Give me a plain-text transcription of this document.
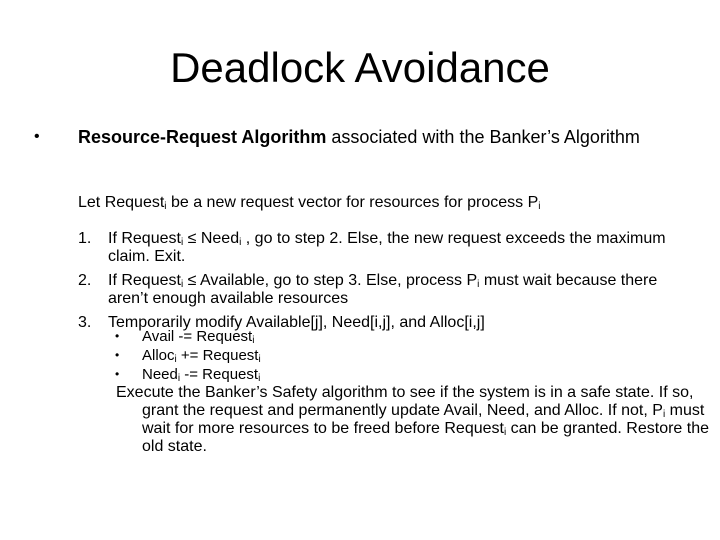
Deadlock Avoidance
• Resource-Request Algorithm associated with the Banker’s Algorithm
Let Request$_i$ be a new request vector for resources for process $P_i$
1. If Request$_i$ ≤ Need$_i$ , go to step 2. Else, the new request exceeds the maximum claim. Exit.
2. If Request$_i$ ≤ Available, go to step 3. Else, process $P_i$ must wait because there aren’t enough available resources
3. Temporarily modify Available[j], Need[i,j], and Alloc[i,j]
• Avail -= Request$_i$
• Alloc$_i$ += Request$_i$
• Need$_i$ -= Request$_i$
Execute the Banker’s Safety algorithm to see if the system is in a safe state. If so, grant the request and permanently update Avail, Need, and Alloc. If not, $P_i$ must wait for more resources to be freed before Request$_i$ can be granted. Restore the old state.
